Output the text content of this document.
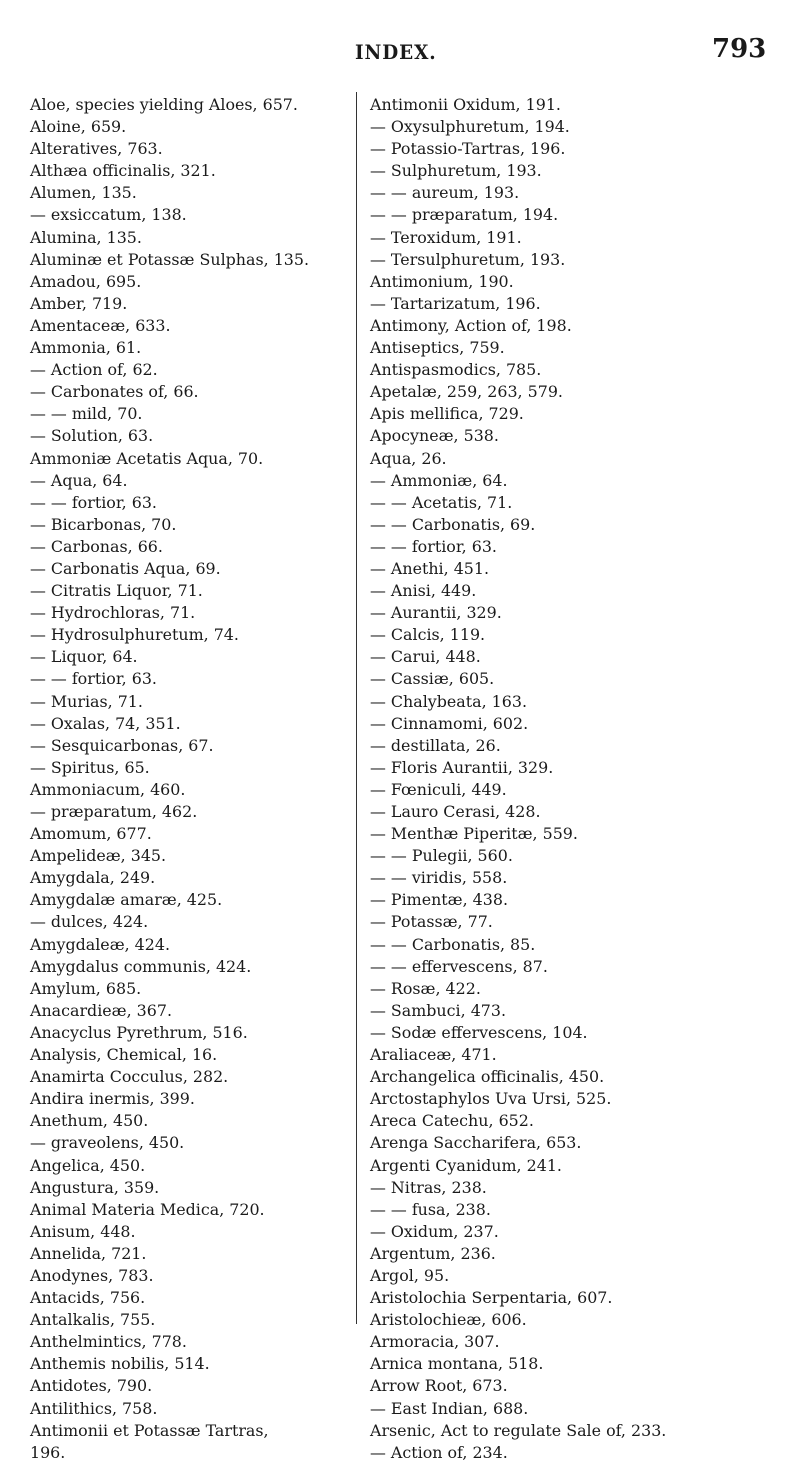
INDEX.	793
Aloe, species yielding Aloes, 657.
Aloine, 659.
Alteratives, 763.
Althæa officinalis, 321.
Alumen, 135.
— exsiccatum, 138.
Alumina, 135.
Aluminæ et Potassæ Sulphas, 135.
Amadou, 695.
Amber, 719.
Amentaceæ, 633.
Ammonia, 61.
— Action of, 62.
— Carbonates of, 66.
— — mild, 70.
— Solution, 63.
Ammoniæ Acetatis Aqua, 70.
— Aqua, 64.
— — fortior, 63.
— Bicarbonas, 70.
— Carbonas, 66.
— Carbonatis Aqua, 69.
— Citratis Liquor, 71.
— Hydrochloras, 71.
— Hydrosulphuretum, 74.
— Liquor, 64.
— — fortior, 63.
— Murias, 71.
— Oxalas, 74, 351.
— Sesquicarbonas, 67.
— Spiritus, 65.
Ammoniacum, 460.
— præparatum, 462.
Amomum, 677.
Ampelideæ, 345.
Amygdala, 249.
Amygdalæ amaræ, 425.
— dulces, 424.
Amygdaleæ, 424.
Amygdalus communis, 424.
Amylum, 685.
Anacardieæ, 367.
Anacyclus Pyrethrum, 516.
Analysis, Chemical, 16.
Anamirta Cocculus, 282.
Andira inermis, 399.
Anethum, 450.
— graveolens, 450.
Angelica, 450.
Angustura, 359.
Animal Materia Medica, 720.
Anisum, 448.
Annelida, 721.
Anodynes, 783.
Antacids, 756.
Antalkalis, 755.
Anthelmintics, 778.
Anthemis nobilis, 514.
Antidotes, 790.
Antilithics, 758.
Antimonii et Potassæ Tartras,
196.
Antimonii Oxidum, 191.
— Oxysulphuretum, 194.
— Potassio-Tartras, 196.
— Sulphuretum, 193.
— — aureum, 193.
— — præparatum, 194.
— Teroxidum, 191.
— Tersulphuretum, 193.
Antimonium, 190.
— Tartarizatum, 196.
Antimony, Action of, 198.
Antiseptics, 759.
Antispasmodics, 785.
Apetalæ, 259, 263, 579.
Apis mellifica, 729.
Apocyneæ, 538.
Aqua, 26.
— Ammoniæ, 64.
— — Acetatis, 71.
— — Carbonatis, 69.
— — fortior, 63.
— Anethi, 451.
— Anisi, 449.
— Aurantii, 329.
— Calcis, 119.
— Carui, 448.
— Cassiæ, 605.
— Chalybeata, 163.
— Cinnamomi, 602.
— destillata, 26.
— Floris Aurantii, 329.
— Fœniculi, 449.
— Lauro Cerasi, 428.
— Menthæ Piperitæ, 559.
— — Pulegii, 560.
— — viridis, 558.
— Pimentæ, 438.
— Potassæ, 77.
— — Carbonatis, 85.
— — effervescens, 87.
— Rosæ, 422.
— Sambuci, 473.
— Sodæ effervescens, 104.
Araliaceæ, 471.
Archangelica officinalis, 450.
Arctostaphylos Uva Ursi, 525.
Areca Catechu, 652.
Arenga Saccharifera, 653.
Argenti Cyanidum, 241.
— Nitras, 238.
— — fusa, 238.
— Oxidum, 237.
Argentum, 236.
Argol, 95.
Aristolochia Serpentaria, 607.
Aristolochieæ, 606.
Armoracia, 307.
Arnica montana, 518.
Arrow Root, 673.
— East Indian, 688.
Arsenic, Act to regulate Sale of, 233.
— Action of, 234.
